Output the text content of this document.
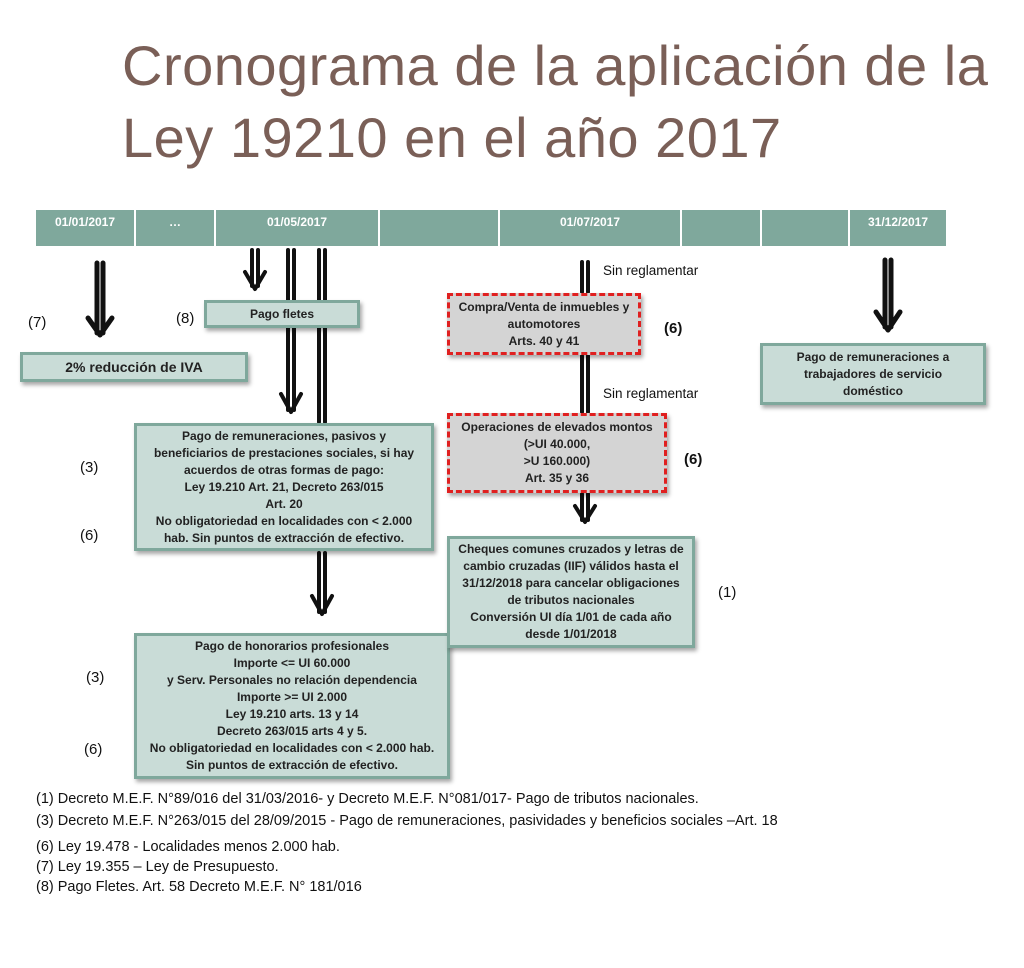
Cronograma de la aplicación de la
Ley 19210 en el año 2017
01/01/2017	…	01/05/2017	01/07/2017	31/12/2017
2% reducción de IVA
Pago fletes
Pago de remuneraciones, pasivos y
beneficiarios de prestaciones sociales, si hay
acuerdos de otras formas de pago:
Ley 19.210 Art. 21, Decreto 263/015
Art. 20
No obligatoriedad en localidades con < 2.000
hab. Sin puntos de extracción de efectivo.
Pago de honorarios profesionales
Importe <= UI 60.000
y Serv. Personales no relación dependencia
Importe >= UI 2.000
Ley 19.210 arts. 13 y 14
Decreto 263/015 arts 4 y 5.
No obligatoriedad en localidades con < 2.000 hab.
Sin puntos de extracción de efectivo.
Compra/Venta de inmuebles y
automotores
Arts. 40 y 41
Operaciones de elevados montos
(>UI 40.000,
>U 160.000)
Art. 35 y 36
Cheques comunes cruzados y letras de
cambio cruzadas (IIF) válidos hasta el
31/12/2018 para cancelar obligaciones
de tributos nacionales
Conversión UI día 1/01 de cada año
desde 1/01/2018
Pago de remuneraciones a
trabajadores de servicio
doméstico
(7)	(8)
(3)
(6)
(3)
(6)
(6)
(6)
(1)
Sin reglamentar
Sin reglamentar
(1) Decreto M.E.F. N°89/016 del 31/03/2016- y Decreto M.E.F. N°081/017- Pago de tributos nacionales.
(3) Decreto M.E.F. N°263/015 del 28/09/2015 - Pago de remuneraciones, pasividades y beneficios sociales –Art. 18
(6) Ley 19.478 - Localidades menos 2.000 hab.
(7) Ley 19.355 – Ley de Presupuesto.
(8) Pago Fletes. Art. 58 Decreto M.E.F. N° 181/016
